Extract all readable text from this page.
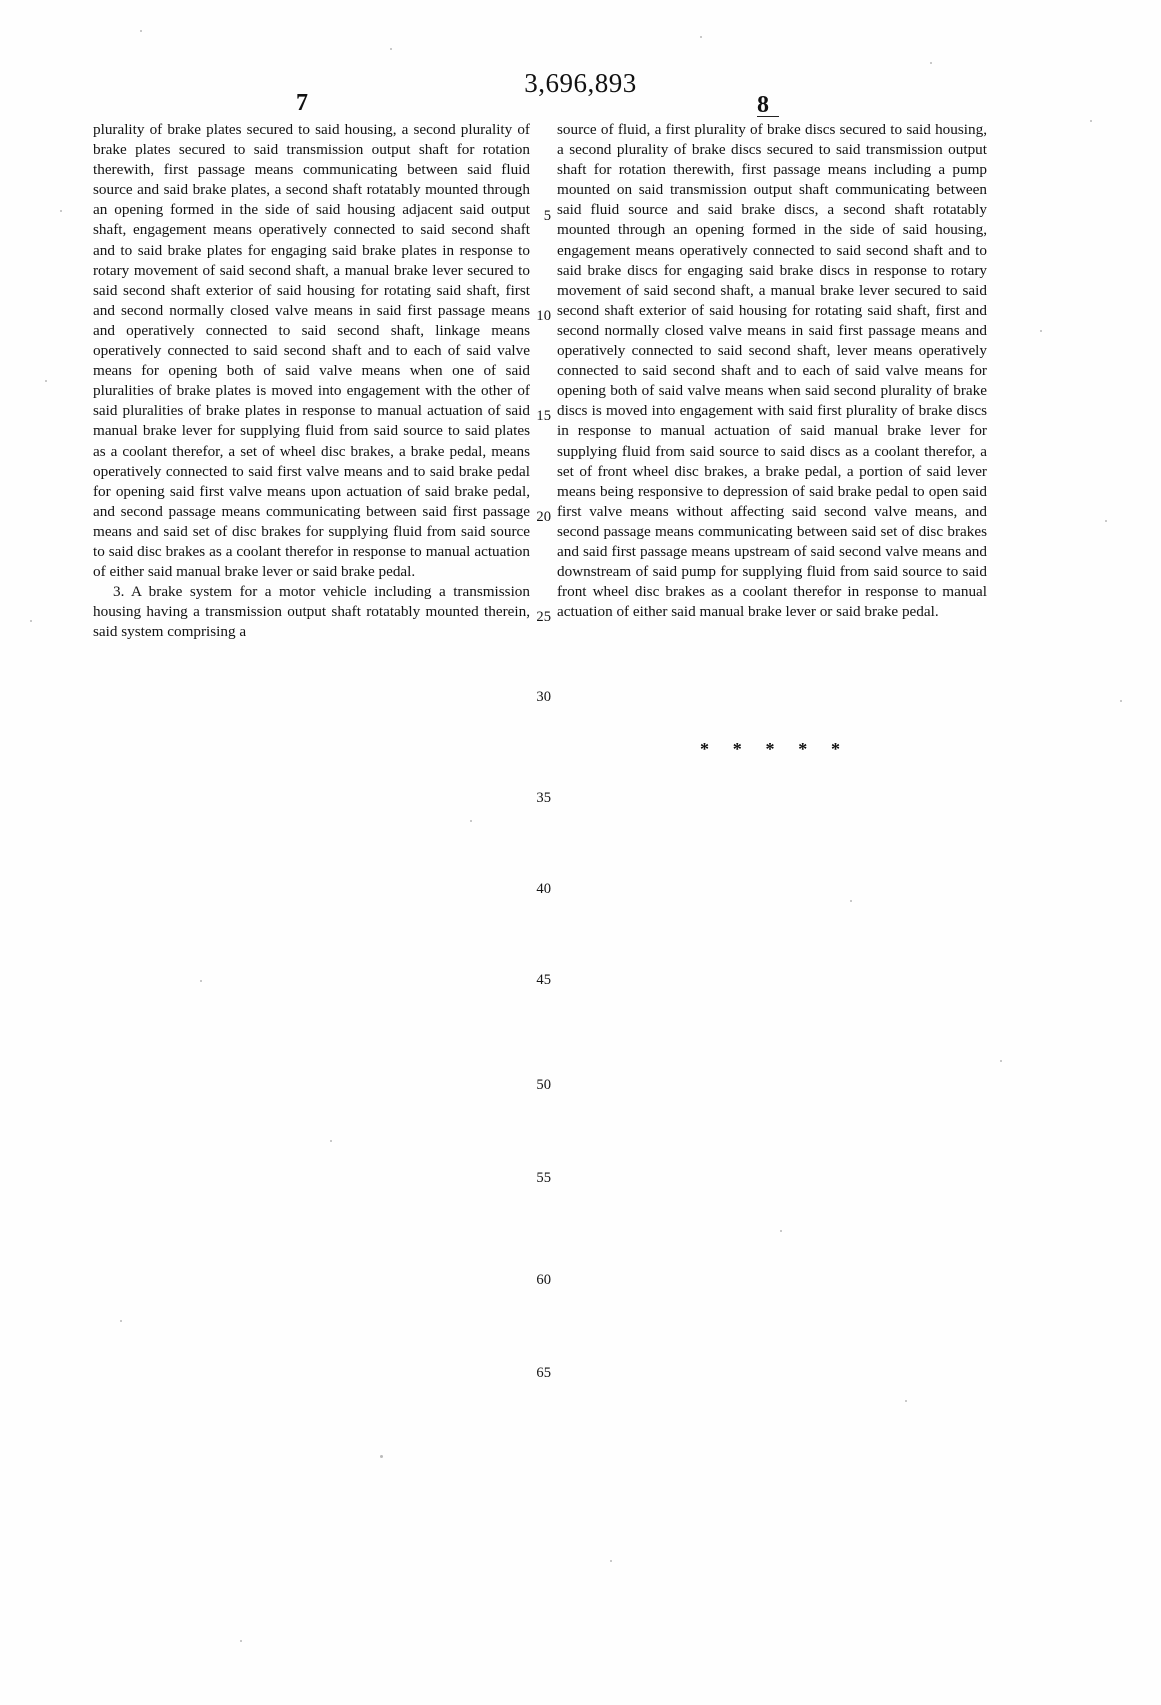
3,696,893
7	8

plurality of brake plates secured to said housing, a second plurality of brake plates secured to said transmission output shaft for rotation therewith, first passage means communicating between said fluid source and said brake plates, a second shaft rotatably mounted through an opening formed in the side of said housing adjacent said output shaft, engagement means operatively connected to said second shaft and to said brake plates for engaging said brake plates in response to rotary movement of said second shaft, a manual brake lever secured to said second shaft exterior of said housing for rotating said shaft, first and second normally closed valve means in said first passage means and operatively connected to said second shaft, linkage means operatively connected to said second shaft and to each of said valve means for opening both of said valve means when one of said pluralities of brake plates is moved into engagement with the other of said pluralities of brake plates in response to manual actuation of said manual brake lever for supplying fluid from said source to said plates as a coolant therefor, a set of wheel disc brakes, a brake pedal, means operatively connected to said first valve means and to said brake pedal for opening said first valve means upon actuation of said brake pedal, and second passage means communicating between said first passage means and said set of disc brakes for supplying fluid from said source to said disc brakes as a coolant therefor in response to manual actuation of either said manual brake lever or said brake pedal.

3. A brake system for a motor vehicle including a transmission housing having a transmission output shaft rotatably mounted therein, said system comprising a

source of fluid, a first plurality of brake discs secured to said housing, a second plurality of brake discs secured to said transmission output shaft for rotation therewith, first passage means including a pump mounted on said transmission output shaft communicating between said fluid source and said brake discs, a second shaft rotatably mounted through an opening formed in the side of said housing, engagement means operatively connected to said second shaft and to said brake discs for engaging said brake discs in response to rotary movement of said second shaft, a manual brake lever secured to said second shaft exterior of said housing for rotating said shaft, first and second normally closed valve means in said first passage means and operatively connected to said second shaft, lever means operatively connected to said second shaft and to each of said valve means for opening both of said valve means when said second plurality of brake discs is moved into engagement with said first plurality of brake discs in response to manual actuation of said manual brake lever for supplying fluid from said source to said discs as a coolant therefor, a set of front wheel disc brakes, a brake pedal, a portion of said lever means being responsive to depression of said brake pedal to open said first valve means without affecting said second valve means, and second passage means communicating between said set of disc brakes and said first passage means upstream of said second valve means and downstream of said pump for supplying fluid from said source to said front wheel disc brakes as a coolant therefor in response to manual actuation of either said manual brake lever or said brake pedal.

5
10
15
20
25
30
35
40
45
50
55
60
65
* * * * *
